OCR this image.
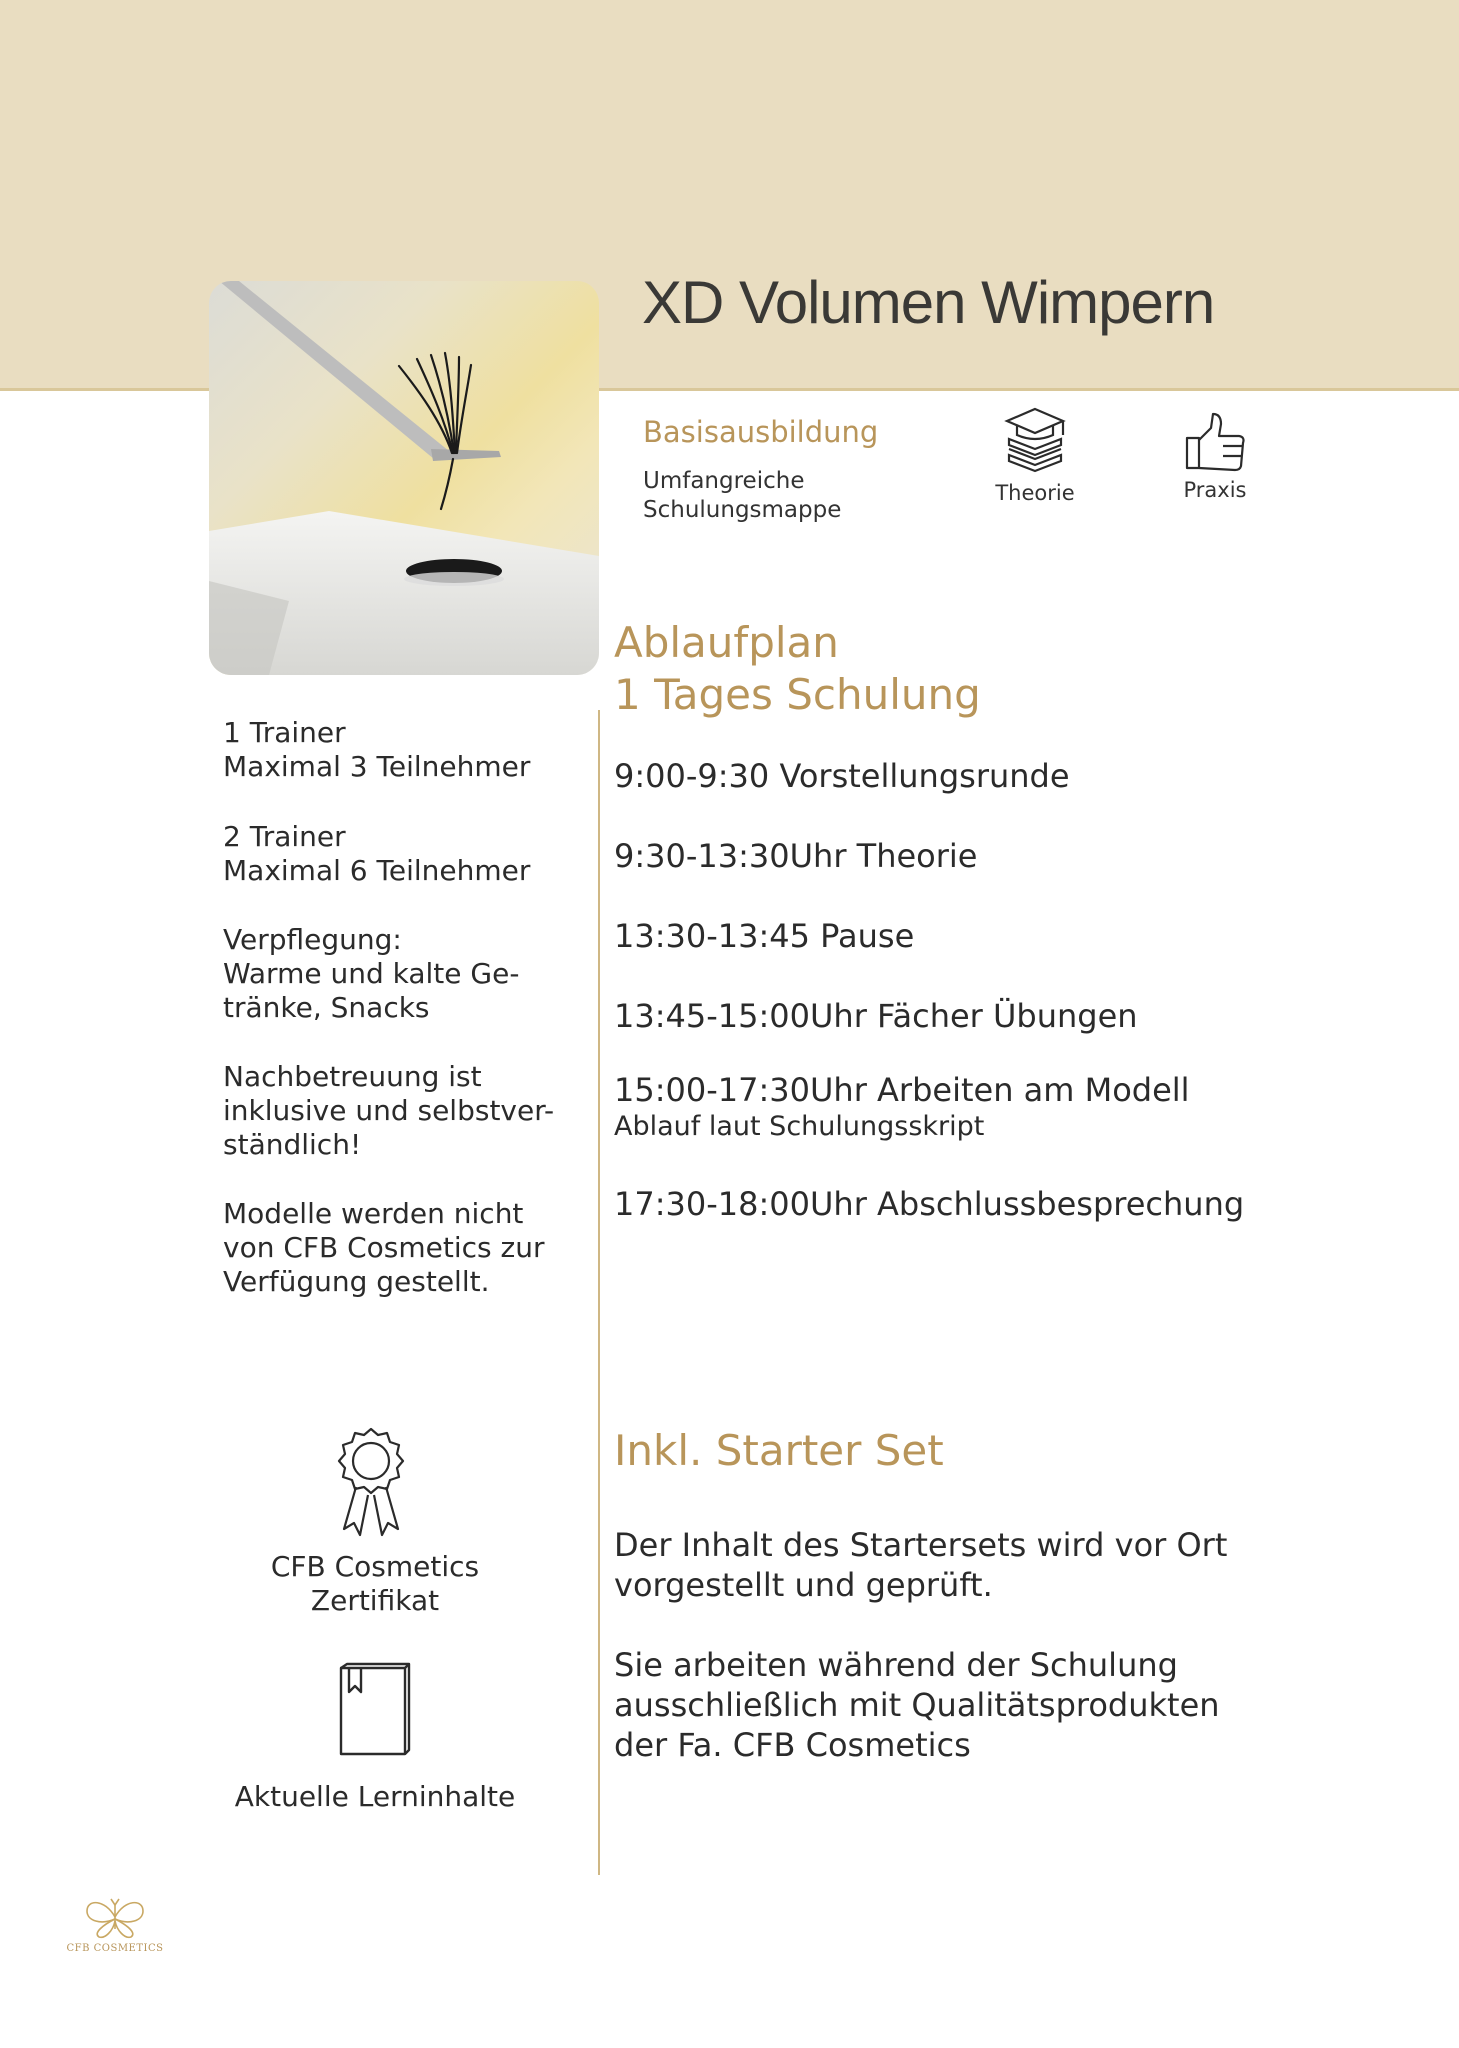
XD Volumen Wimpern
Basisausbildung
Umfangreiche
Schulungsmappe
Theorie	Praxis
Ablaufplan
1 Tages Schulung
9:00-9:30 Vorstellungsrunde
9:30-13:30Uhr Theorie
13:30-13:45 Pause
13:45-15:00Uhr Fächer Übungen
15:00-17:30Uhr Arbeiten am Modell
Ablauf laut Schulungsskript
17:30-18:00Uhr Abschlussbesprechung
1 Trainer
Maximal 3 Teilnehmer
2 Trainer
Maximal 6 Teilnehmer
Verpflegung:
Warme und kalte Ge-
tränke, Snacks
Nachbetreuung ist
inklusive und selbstver-
ständlich!
Modelle werden nicht
von CFB Cosmetics zur
Verfügung gestellt.
Inkl. Starter Set
Der Inhalt des Startersets wird vor Ort
vorgestellt und geprüft.
Sie arbeiten während der Schulung
ausschließlich mit Qualitätsprodukten
der Fa. CFB Cosmetics
CFB Cosmetics
Zertifikat
Aktuelle Lerninhalte
CFB COSMETICS
